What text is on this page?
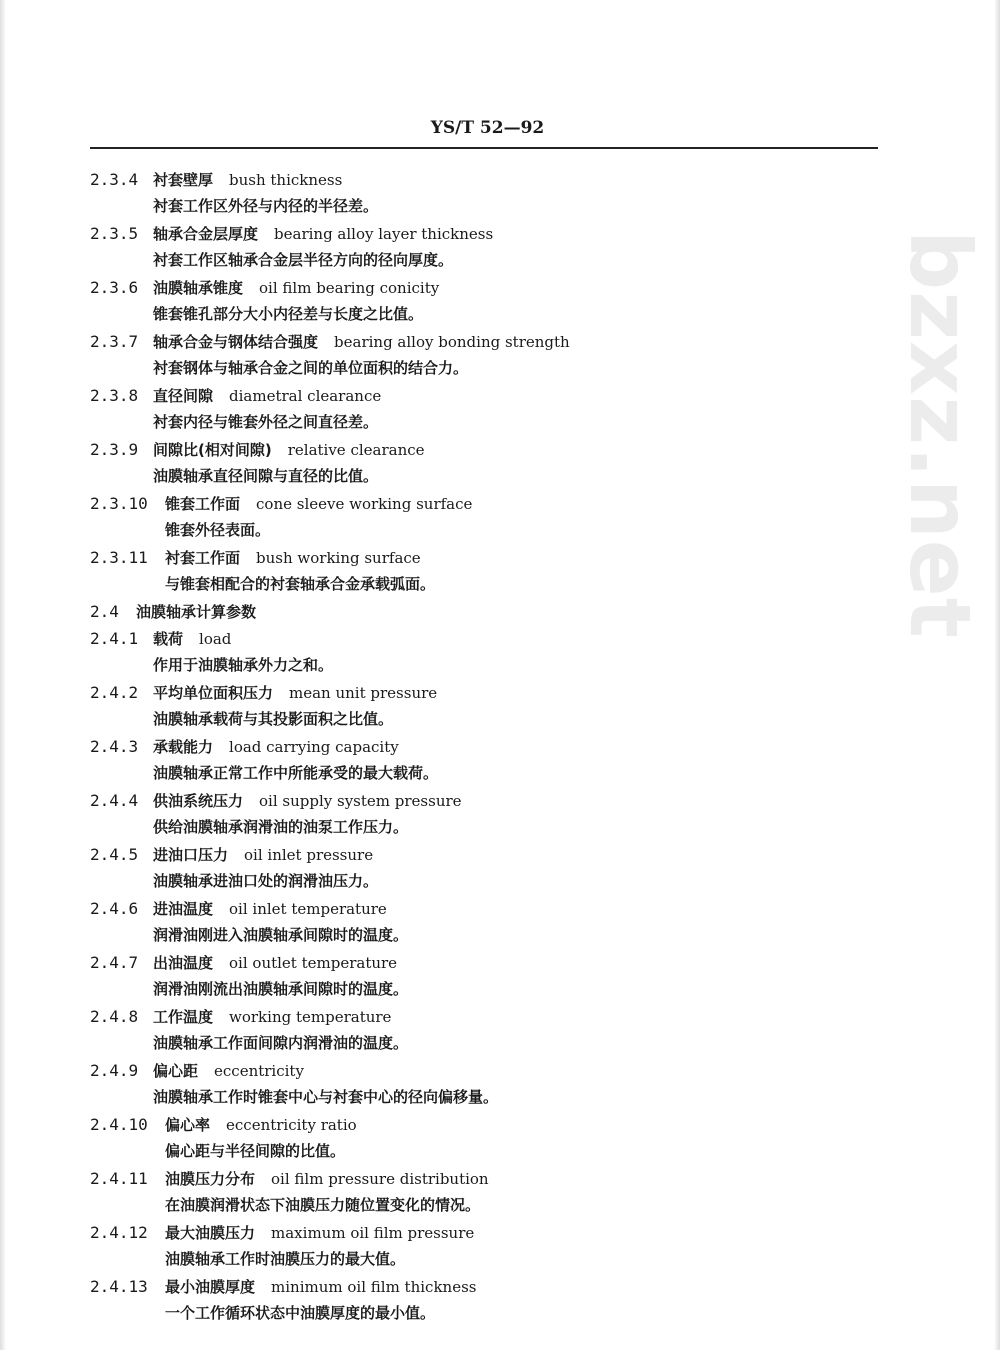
bzxz.net
YS/T 52—92
2.3.4 衬套壁厚 bush thickness
衬套工作区外径与内径的半径差。
2.3.5 轴承合金层厚度 bearing alloy layer thickness
衬套工作区轴承合金层半径方向的径向厚度。
2.3.6 油膜轴承锥度 oil film bearing conicity
锥套锥孔部分大小内径差与长度之比值。
2.3.7 轴承合金与钢体结合强度 bearing alloy bonding strength
衬套钢体与轴承合金之间的单位面积的结合力。
2.3.8 直径间隙 diametral clearance
衬套内径与锥套外径之间直径差。
2.3.9 间隙比(相对间隙) relative clearance
油膜轴承直径间隙与直径的比值。
2.3.10 锥套工作面 cone sleeve working surface
锥套外径表面。
2.3.11 衬套工作面 bush working surface
与锥套相配合的衬套轴承合金承载弧面。
2.4 油膜轴承计算参数
2.4.1 载荷 load
作用于油膜轴承外力之和。
2.4.2 平均单位面积压力 mean unit pressure
油膜轴承载荷与其投影面积之比值。
2.4.3 承载能力 load carrying capacity
油膜轴承正常工作中所能承受的最大载荷。
2.4.4 供油系统压力 oil supply system pressure
供给油膜轴承润滑油的油泵工作压力。
2.4.5 进油口压力 oil inlet pressure
油膜轴承进油口处的润滑油压力。
2.4.6 进油温度 oil inlet temperature
润滑油刚进入油膜轴承间隙时的温度。
2.4.7 出油温度 oil outlet temperature
润滑油刚流出油膜轴承间隙时的温度。
2.4.8 工作温度 working temperature
油膜轴承工作面间隙内润滑油的温度。
2.4.9 偏心距 eccentricity
油膜轴承工作时锥套中心与衬套中心的径向偏移量。
2.4.10 偏心率 eccentricity ratio
偏心距与半径间隙的比值。
2.4.11 油膜压力分布 oil film pressure distribution
在油膜润滑状态下油膜压力随位置变化的情况。
2.4.12 最大油膜压力 maximum oil film pressure
油膜轴承工作时油膜压力的最大值。
2.4.13 最小油膜厚度 minimum oil film thickness
一个工作循环状态中油膜厚度的最小值。
